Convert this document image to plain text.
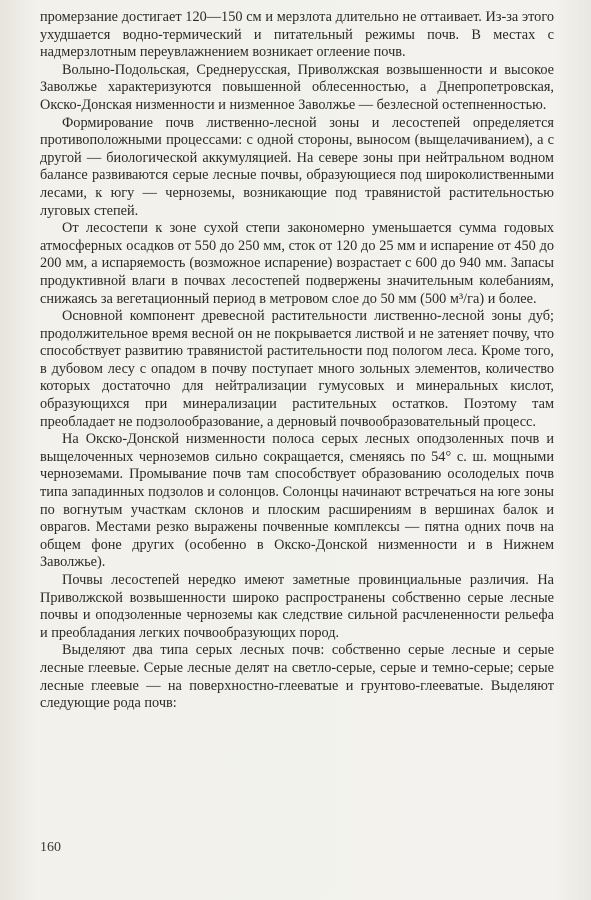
промерзание достигает 120—150 см и мерзлота длительно не оттаивает. Из-за этого ухудшается водно-термический и питательный режимы почв. В местах с надмерзлотным переувлажнением возникает оглеение почв.

Волыно-Подольская, Среднерусская, Приволжская возвышенности и высокое Заволжье характеризуются повышенной облесенностью, а Днепропетровская, Окско-Донская низменности и низменное Заволжье — безлесной остепненностью.

Формирование почв лиственно-лесной зоны и лесостепей определяется противоположными процессами: с одной стороны, выносом (выщелачиванием), а с другой — биологической аккумуляцией. На севере зоны при нейтральном водном балансе развиваются серые лесные почвы, образующиеся под широколиственными лесами, к югу — черноземы, возникающие под травянистой растительностью луговых степей.

От лесостепи к зоне сухой степи закономерно уменьшается сумма годовых атмосферных осадков от 550 до 250 мм, сток от 120 до 25 мм и испарение от 450 до 200 мм, а испаряемость (возможное испарение) возрастает с 600 до 940 мм. Запасы продуктивной влаги в почвах лесостепей подвержены значительным колебаниям, снижаясь за вегетационный период в метровом слое до 50 мм (500 м³/га) и более.

Основной компонент древесной растительности лиственно-лесной зоны дуб; продолжительное время весной он не покрывается листвой и не затеняет почву, что способствует развитию травянистой растительности под пологом леса. Кроме того, в дубовом лесу с опадом в почву поступает много зольных элементов, количество которых достаточно для нейтрализации гумусовых и минеральных кислот, образующихся при минерализации растительных остатков. Поэтому там преобладает не подзолообразование, а дерновый почвообразовательный процесс.

На Окско-Донской низменности полоса серых лесных оподзоленных почв и выщелоченных черноземов сильно сокращается, сменяясь по 54° с. ш. мощными черноземами. Промывание почв там способствует образованию осолоделых почв типа западинных подзолов и солонцов. Солонцы начинают встречаться на юге зоны по вогнутым участкам склонов и плоским расширениям в вершинах балок и оврагов. Местами резко выражены почвенные комплексы — пятна одних почв на общем фоне других (особенно в Окско-Донской низменности и в Нижнем Заволжье).

Почвы лесостепей нередко имеют заметные провинциальные различия. На Приволжской возвышенности широко распространены собственно серые лесные почвы и оподзоленные черноземы как следствие сильной расчлененности рельефа и преобладания легких почвообразующих пород.

Выделяют два типа серых лесных почв: собственно серые лесные и серые лесные глеевые. Серые лесные делят на светло-серые, серые и темно-серые; серые лесные глеевые — на поверхностно-глееватые и грунтово-глееватые. Выделяют следующие рода почв:

160
